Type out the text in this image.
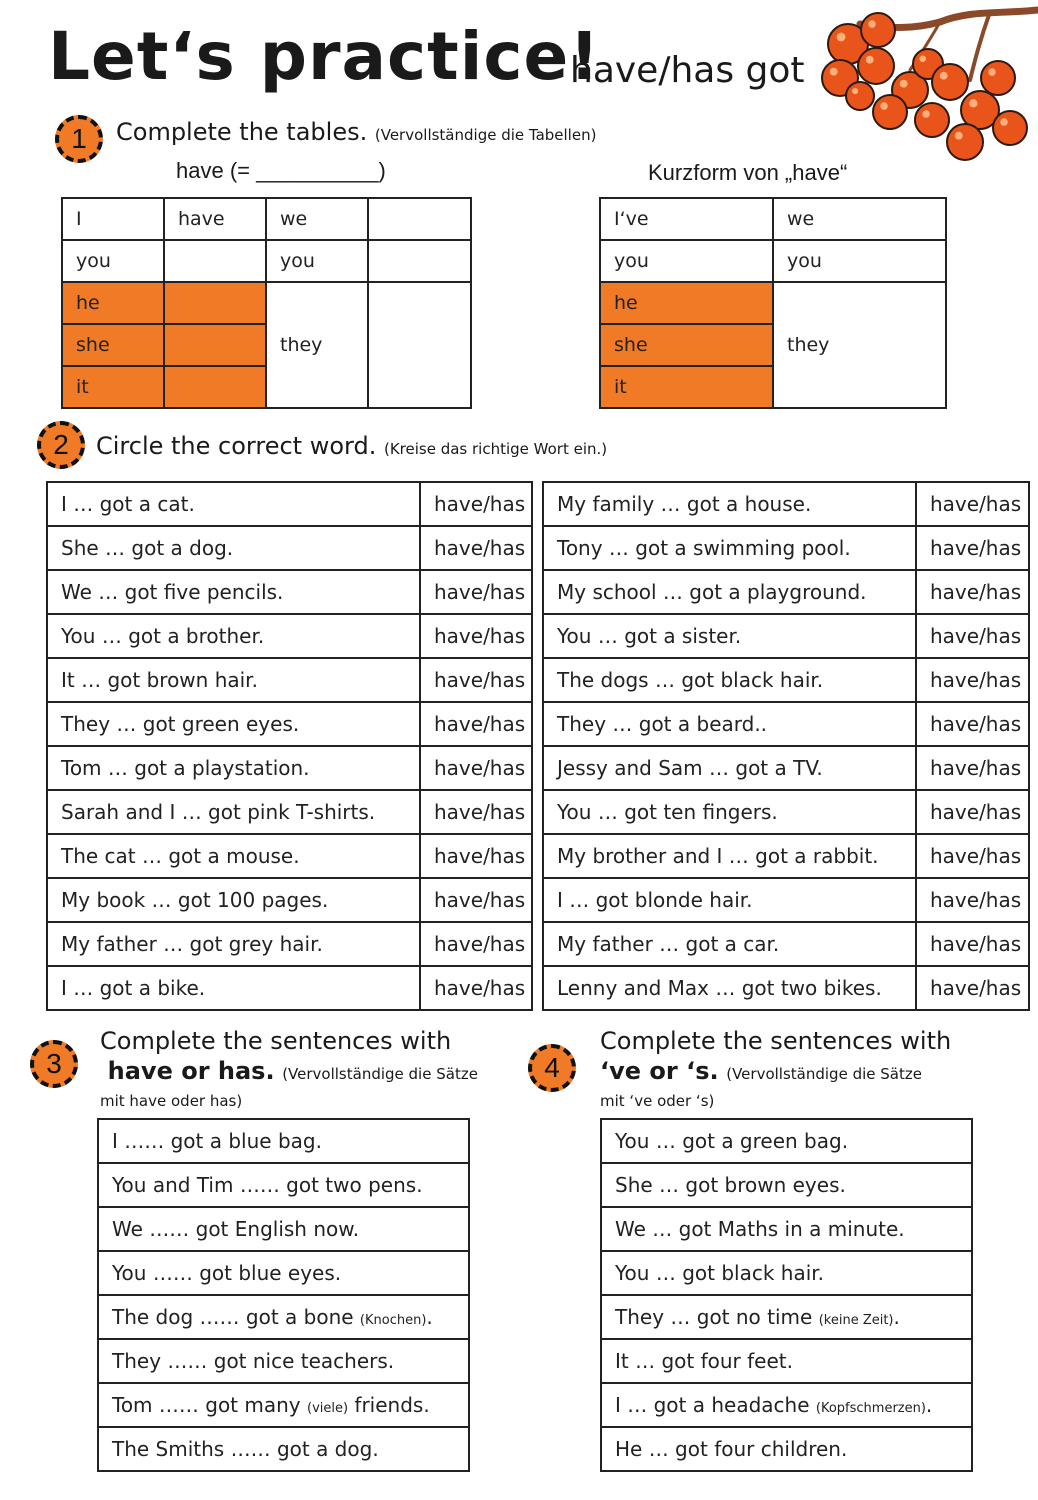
Let‘s practice!
have/has got
1	Complete the tables. (Vervollständige die Tabellen)
have (= __________)	Kurzform von „have“
I	have	we	
you		you	
he		they	
she			
it			
I‘ve	we
you	you
he	they
she	
it	
2	Circle the correct word. (Kreise das richtige Wort ein.)
I … got a cat.	have/has
She … got a dog.	have/has
We … got five pencils.	have/has
You … got a brother.	have/has
It … got brown hair.	have/has
They … got green eyes.	have/has
Tom … got a playstation.	have/has
Sarah and I … got pink T-shirts.	have/has
The cat … got a mouse.	have/has
My book … got 100 pages.	have/has
My father … got grey hair.	have/has
I … got a bike.	have/has
My family … got a house.	have/has
Tony … got a swimming pool.	have/has
My school … got a playground.	have/has
You … got a sister.	have/has
The dogs … got black hair.	have/has
They … got a beard..	have/has
Jessy and Sam … got a TV.	have/has
You … got ten fingers.	have/has
My brother and I … got a rabbit.	have/has
I … got blonde hair.	have/has
My father … got a car.	have/has
Lenny and Max … got two bikes.	have/has
3
Complete the sentences with
have or has. (Vervollständige die Sätze
mit have oder has)
I …… got a blue bag.
You and Tim …… got two pens.
We …… got English now.
You …… got blue eyes.
The dog …… got a bone (Knochen).
They …… got nice teachers.
Tom …… got many (viele) friends.
The Smiths …… got a dog.
4
Complete the sentences with
‘ve or ‘s. (Vervollständige die Sätze
mit ‘ve oder ‘s)
You … got a green bag.
She … got brown eyes.
We … got Maths in a minute.
You … got black hair.
They … got no time (keine Zeit).
It … got four feet.
I … got a headache (Kopfschmerzen).
He … got four children.
